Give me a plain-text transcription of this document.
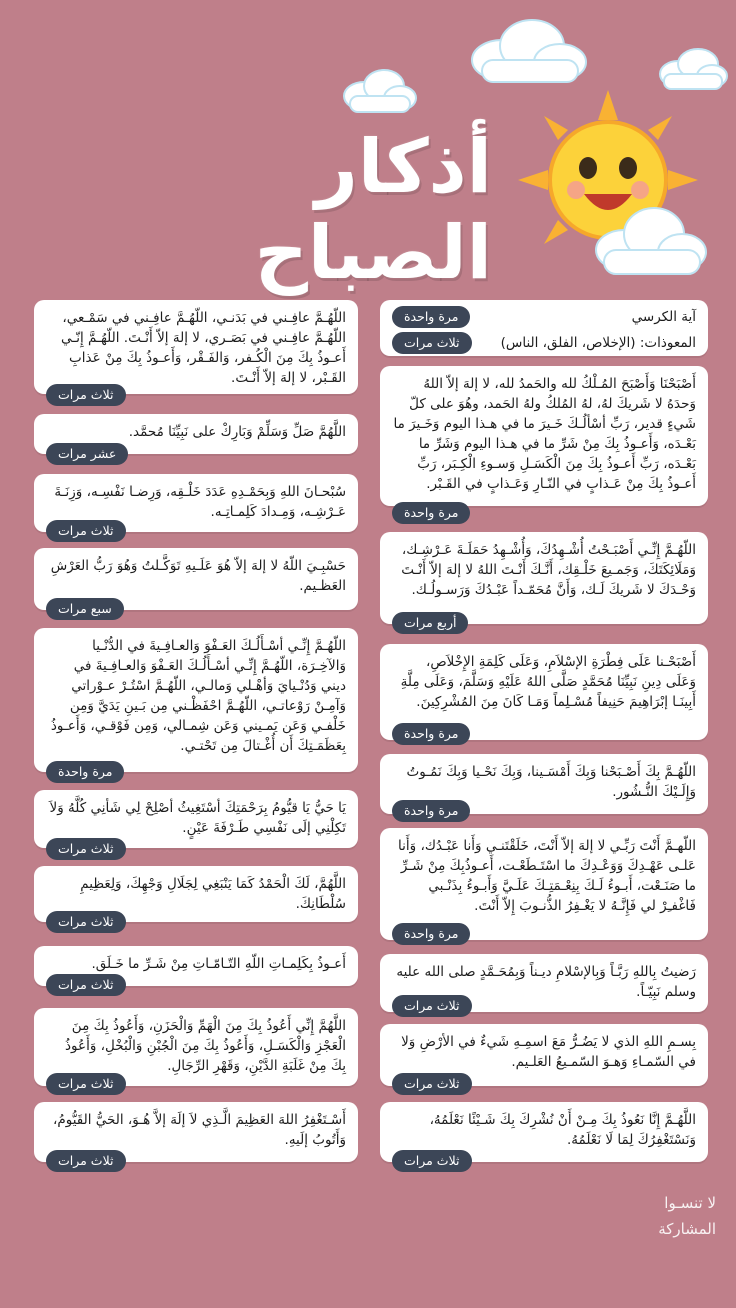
أذكار الصباح
آية الكرسي
مرة واحدة
المعوذات: (الإخلاص، الفلق، الناس)
ثلاث مرات
أَصْبَحْنَا وَأَصْبَحَ المُـلْكُ لله والحَمدُ لله، لا إلهَ إلاّ اللهُ وَحدَهُ لا شَريكَ لهُ، لهُ المُلكُ ولهُ الحَمد، وهُوَ على كلّ شَيءٍ قدير، رَبِّ أسْألُـكَ خَـيرَ ما في هـذا اليوم وَخَـيرَ ما بَعْـدَه، وَأَعـوذُ بِكَ مِنْ شَرِّ ما في هـذا اليوم وَشَرِّ ما بَعْـدَه، رَبِّ أَعـوذُ بِكَ مِنَ الْكَسَـلِ وَسـوءِ الْكِـبَر، رَبِّ أَعـوذُ بِكَ مِنْ عَـذابٍ في النّـارِ وَعَـذابٍ في القَـبْر.
مرة واحدة
اللّهُـمَّ إِنِّـي أَصْبَـحْتُ أُشْـهِدُكَ، وَأُشْـهِدُ حَمَلَـةَ عَـرْشِـك، وَمَلَائِكَتَكَ، وَجَمـيعَ خَلْـقِك، أَنَّـكَ أَنْـتَ اللهُ لا إلهَ إلاّ أَنْـتَ وَحْـدَكَ لا شَريكَ لَـك، وَأَنَّ مُحَمّـداً عَبْـدُكَ وَرَسـولُـك.
أربع مرات
أَصْبَحْـنا عَلَى فِطْرَةِ الإسْلاَمِ، وَعَلَى كَلِمَةِ الإِخْلاَصِ، وَعَلَى دِينِ نَبِيِّنَا مُحَمَّدٍ صَلَّى اللهُ عَلَيْهِ وَسَلَّمَ، وَعَلَى مِلَّةِ أَبِينَـا إبْرَاهِيمَ حَنِيفاً مُسْـلِماً وَمَـا كَانَ مِنَ المُشْرِكِينَ.
مرة واحدة
اللّهُـمَّ بِكَ أَصْـبَحْنا وَبِكَ أَمْسَـينا، وَبِكَ نَحْـيا وَبِكَ نَمُـوتُ وَإِلَـيْكَ النُّـشُور.
مرة واحدة
اللّهـمَّ أَنْتَ رَبِّـي لا إلهَ إلاّ أَنْتَ، خَلَقْتَنـي وَأَنا عَبْـدُك، وَأَنا عَلـى عَهْـدِكَ وَوَعْـدِكَ ما اسْتَـطَعْـت، أَعـوذُبِكَ مِنْ شَـرِّ ما صَنَـعْت، أَبـوءُ لَـكَ بِنِعْـمَتِـكَ عَلَـيَّ وَأَبـوءُ بِذَنْـبي فَاغْفـِرْ لي فَإِنَّـهُ لا يَغْـفِرُ الذُّنـوبَ إِلاّ أَنْتَ.
مرة واحدة
رَضيتُ بِاللهِ رَبَّـاً وَبِالإسْلامِ ديـناً وَبِمُحَـمَّدٍ صلى الله عليه وسلم نَبِيّـاً.
ثلاث مرات
بِسـمِ اللهِ الذي لا يَضُـرُّ مَعَ اسمِـهِ شَيءٌ في الأرْضِ وَلا في السّمـاءِ وَهـوَ السّمـيعُ العَلـيم.
ثلاث مرات
اللَّهُـمَّ إِنَّا نَعُوذُ بِكَ مِـنْ أَنْ نُشْرِكَ بِكَ شَـيْئًا نَعْلَمُهُ، وَنَسْتَغْفِرُكَ لِمَا لَا نَعْلَمُهُ.
ثلاث مرات
اللّهُـمَّ عافِـني في بَدَنـي، اللّهُـمَّ عافِـني في سَمْـعي، اللّهُـمَّ عافِـني في بَصَـري، لا إلهَ إلاّ أَنْـتَ. اللّهُـمَّ إِنّـي أَعـوذُ بِكَ مِنَ الْكُـفر، وَالفَـقْر، وَأَعـوذُ بِكَ مِنْ عَذابِ القَـبْر، لا إلهَ إلاّ أَنْـتَ.
ثلاث مرات
اللَّهُمَّ صَلِّ وَسَلِّمْ وَبَارِكْ على نَبِيِّنَا مُحمَّد.
عشر مرات
سُبْحـانَ اللهِ وَبِحَمْـدِهِ عَدَدَ خَلْـقِه، وَرِضـا نَفْسِـه، وَزِنَـةَ عَـرْشِـه، وَمِـدادَ كَلِمـاتِـه.
ثلاث مرات
حَسْبِـيَ اللّهُ لا إلهَ إلاّ هُوَ عَلَـيهِ تَوَكَّـلتُ وَهُوَ رَبُّ العَرْشِ العَظـيم.
سبع مرات
اللّهُـمَّ إِنِّـي أسْـأَلُـكَ العَـفْوَ وَالعـافِـيةَ في الدُّنْـيا وَالآخِـرَة، اللّهُـمَّ إِنِّـي أسْـأَلُـكَ العَـفْوَ وَالعـافِـيةَ في ديني وَدُنْـيايَ وَأهْـلي وَمالـي، اللّهُـمَّ اسْتُـرْ عـوْراتي وَآمِـنْ رَوْعاتـي، اللّهُـمَّ احْفَظْـني مِن بَـينِ يَدَيَّ وَمِن خَلْفـي وَعَن يَمـيني وَعَن شِمـالي، وَمِن فَوْقـي، وَأَعـوذُ بِعَظَمَـتِكَ أَن أُغْـتالَ مِن تَحْتـي.
مرة واحدة
يَا حَيُّ يَا قيُّومُ بِرَحْمَتِكَ أسْتَغِيثُ أصْلِحْ لِي شَأنِي كُلَّهُ وَلاَ تَكِلْنِي إلَى نَفْسِي طَـرْفَةَ عَيْنٍ.
ثلاث مرات
اللَّهُمَّ، لَكَ الْحَمْدُ كَمَا يَنْبَغِي لِجَلَالِ وَجْهِكَ، وَلِعَظِيمِ سُلْطَانِكَ.
ثلاث مرات
أَعـوذُ بِكَلِمـاتِ اللّهِ التّـامّـاتِ مِنْ شَـرِّ ما خَـلَق.
ثلاث مرات
اللَّهُمَّ إِنِّي أَعُوذُ بِكَ مِنَ الْهَمِّ وَالْحَزَنِ، وَأَعُوذُ بِكَ مِنَ الْعَجْزِ وَالْكَسَـلِ، وَأَعُوذُ بِكَ مِنَ الْجُبْنِ وَالْبُخْلِ، وَأَعُوذُ بِكَ مِنْ غَلَبَةِ الدَّيْنِ، وَقَهْرِ الرِّجَالِ.
ثلاث مرات
أَسْـتَغْفِرُ اللهَ العَظِيمَ الَّـذِي لاَ إلَهَ إلاَّ هُـوَ، الحَيُّ القَيُّومُ، وَأَتُوبُ إلَيهِ.
ثلاث مرات
لا تنسـوا
المشاركة
